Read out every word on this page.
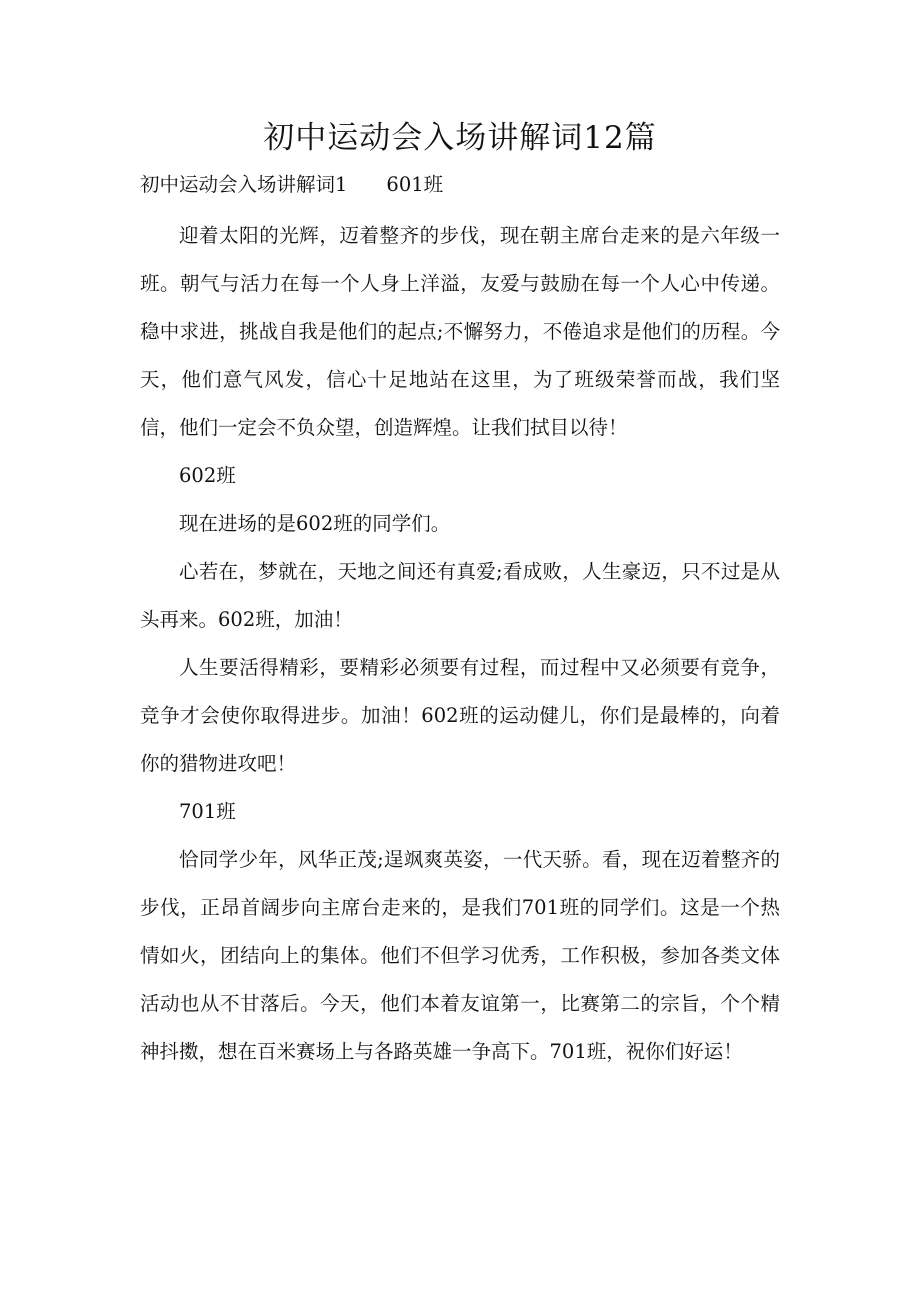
初中运动会入场讲解词12篇
初中运动会入场讲解词1　　601班

迎着太阳的光辉，迈着整齐的步伐，现在朝主席台走来的是六年级一班。朝气与活力在每一个人身上洋溢，友爱与鼓励在每一个人心中传递。稳中求进，挑战自我是他们的起点;不懈努力，不倦追求是他们的历程。今天，他们意气风发，信心十足地站在这里，为了班级荣誉而战，我们坚信，他们一定会不负众望，创造辉煌。让我们拭目以待！

602班

现在进场的是602班的同学们。

心若在，梦就在，天地之间还有真爱;看成败，人生豪迈，只不过是从头再来。602班，加油！

人生要活得精彩，要精彩必须要有过程，而过程中又必须要有竞争，竞争才会使你取得进步。加油！602班的运动健儿，你们是最棒的，向着你的猎物进攻吧！

701班

恰同学少年，风华正茂;逞飒爽英姿，一代天骄。看，现在迈着整齐的步伐，正昂首阔步向主席台走来的，是我们701班的同学们。这是一个热情如火，团结向上的集体。他们不但学习优秀，工作积极，参加各类文体活动也从不甘落后。今天，他们本着友谊第一，比赛第二的宗旨，个个精神抖擞，想在百米赛场上与各路英雄一争高下。701班，祝你们好运！
